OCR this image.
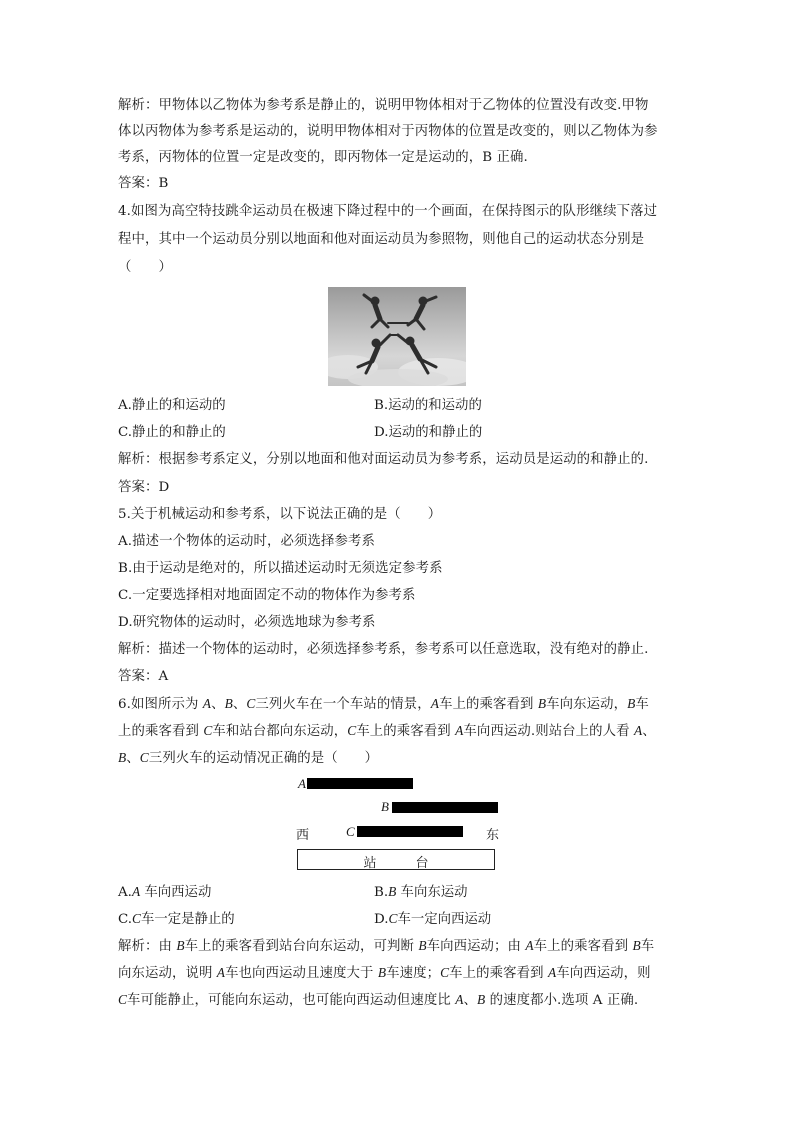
解析：甲物体以乙物体为参考系是静止的，说明甲物体相对于乙物体的位置没有改变.甲物
体以丙物体为参考系是运动的，说明甲物体相对于丙物体的位置是改变的，则以乙物体为参
考系，丙物体的位置一定是改变的，即丙物体一定是运动的，B 正确.
答案：B
4.如图为高空特技跳伞运动员在极速下降过程中的一个画面，在保持图示的队形继续下落过
程中，其中一个运动员分别以地面和他对面运动员为参照物，则他自己的运动状态分别是
（　　）
A.静止的和运动的	B.运动的和运动的
C.静止的和静止的	D.运动的和静止的
解析：根据参考系定义，分别以地面和他对面运动员为参考系，运动员是运动的和静止的.
答案：D
5.关于机械运动和参考系，以下说法正确的是（　　）
A.描述一个物体的运动时，必须选择参考系
B.由于运动是绝对的，所以描述运动时无须选定参考系
C.一定要选择相对地面固定不动的物体作为参考系
D.研究物体的运动时，必须选地球为参考系
解析：描述一个物体的运动时，必须选择参考系，参考系可以任意选取，没有绝对的静止.
答案：A
6.如图所示为 A、B、C三列火车在一个车站的情景，A车上的乘客看到 B车向东运动，B车
上的乘客看到 C车和站台都向东运动，C车上的乘客看到 A车向西运动.则站台上的人看 A、
B、C三列火车的运动情况正确的是（　　）
A
B
西	C	东
站　　　台
A.A 车向西运动	B.B 车向东运动
C.C车一定是静止的	D.C车一定向西运动
解析：由 B车上的乘客看到站台向东运动，可判断 B车向西运动；由 A车上的乘客看到 B车
向东运动，说明 A车也向西运动且速度大于 B车速度；C车上的乘客看到 A车向西运动，则
C车可能静止，可能向东运动，也可能向西运动但速度比 A、B 的速度都小.选项 A 正确.
